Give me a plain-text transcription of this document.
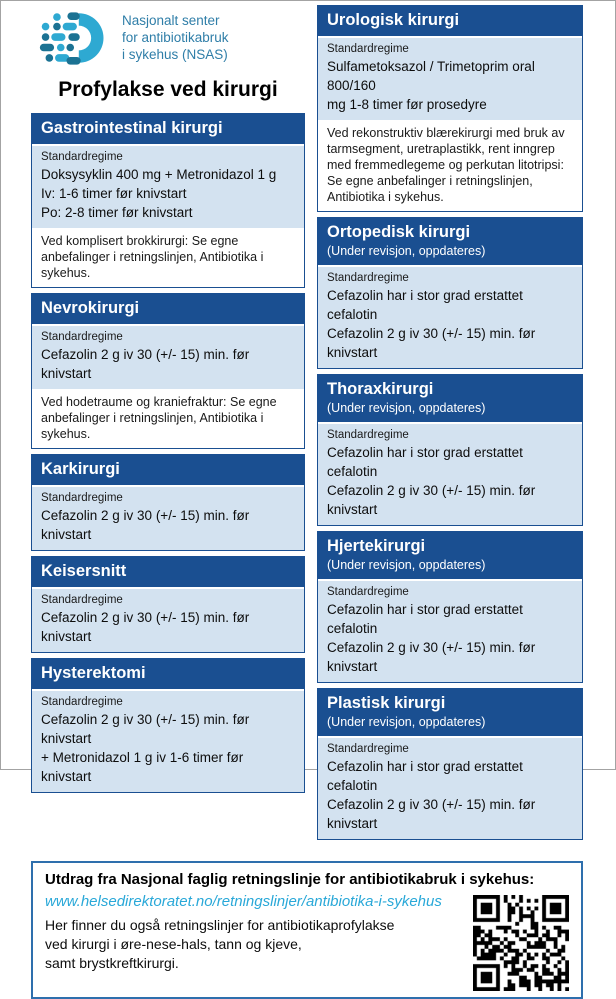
Nasjonalt senter
for antibiotikabruk
i sykehus (NSAS)
Profylakse ved kirurgi
Gastrointestinal kirurgi
Standardregime
Doksysyklin 400 mg + Metronidazol 1 g
Iv: 1-6 timer før knivstart
Po: 2-8 timer før knivstart
Ved komplisert brokkirurgi: Se egne anbefalinger i retningslinjen, Antibiotika i sykehus.
Nevrokirurgi
Standardregime
Cefazolin 2 g iv 30 (+/- 15) min. før knivstart
Ved hodetraume og kraniefraktur: Se egne anbefalinger i retningslinjen, Antibiotika i sykehus.
Karkirurgi
Standardregime
Cefazolin 2 g iv 30 (+/- 15) min. før knivstart
Keisersnitt
Standardregime
Cefazolin 2 g iv 30 (+/- 15) min. før knivstart
Hysterektomi
Standardregime
Cefazolin 2 g iv 30 (+/- 15) min. før knivstart
+ Metronidazol 1 g iv 1-6 timer før knivstart
Urologisk kirurgi
Standardregime
Sulfametoksazol / Trimetoprim oral 800/160
mg 1-8 timer før prosedyre
Ved rekonstruktiv blærekirurgi med bruk av tarmsegment, uretraplastikk, rent inngrep med fremmedlegeme og perkutan litotripsi: Se egne anbefalinger i retningslinjen, Antibiotika i sykehus.
Ortopedisk kirurgi
(Under revisjon, oppdateres)
Standardregime
Cefazolin har i stor grad erstattet cefalotin
Cefazolin 2 g iv 30 (+/- 15) min. før knivstart
Thoraxkirurgi
(Under revisjon, oppdateres)
Standardregime
Cefazolin har i stor grad erstattet cefalotin
Cefazolin 2 g iv 30 (+/- 15) min. før knivstart
Hjertekirurgi
(Under revisjon, oppdateres)
Standardregime
Cefazolin har i stor grad erstattet cefalotin
Cefazolin 2 g iv 30 (+/- 15) min. før knivstart
Plastisk kirurgi
(Under revisjon, oppdateres)
Standardregime
Cefazolin har i stor grad erstattet cefalotin
Cefazolin 2 g iv 30 (+/- 15) min. før knivstart
Utdrag fra Nasjonal faglig retningslinje for antibiotikabruk i sykehus:
www.helsedirektoratet.no/retningslinjer/antibiotika-i-sykehus
Her finner du også retningslinjer for antibiotikaprofylakse
ved kirurgi i øre-nese-hals, tann og kjeve,
samt brystkreftkirurgi.
